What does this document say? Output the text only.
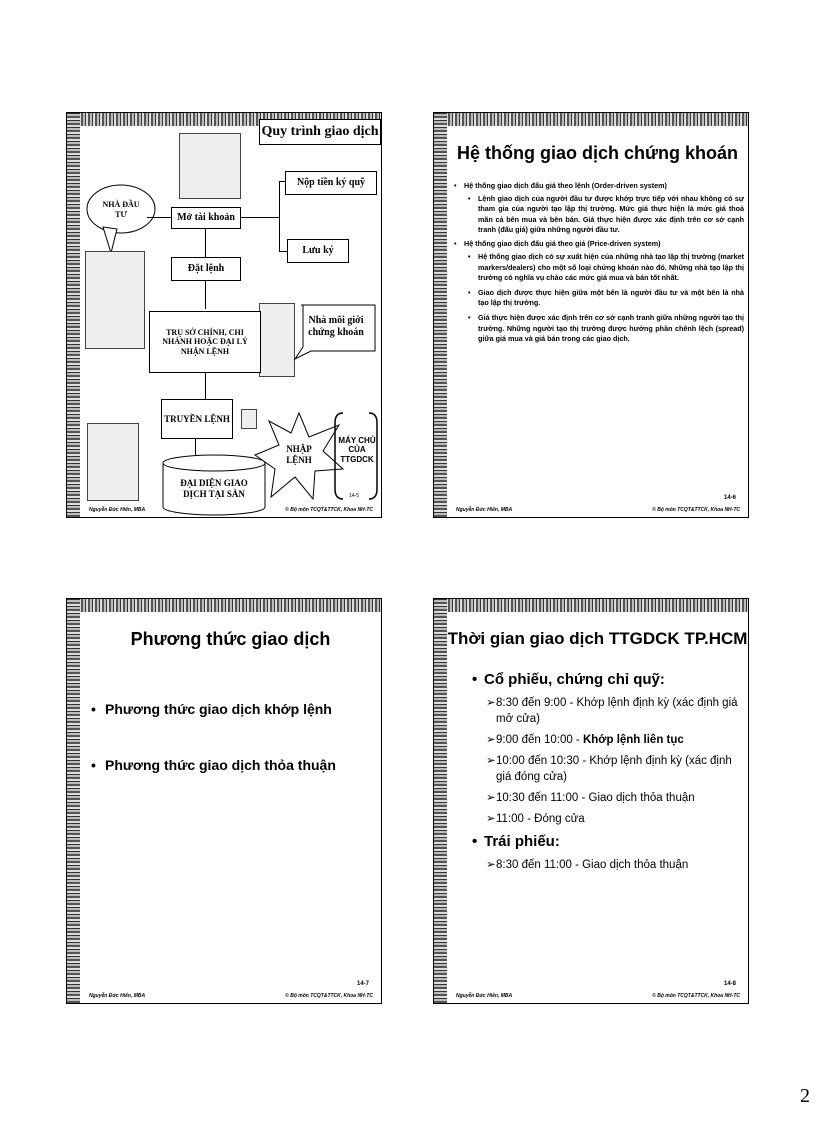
Quy trình giao dịch
NHÀ ĐẦU TƯ	Mở tài khoản
Nộp tiền ký quỹ
Lưu ký
Đặt lệnh
Nhà môi giới chứng khoán
TRỤ SỞ CHÍNH, CHI NHÁNH HOẶC ĐẠI LÝ NHẬN LỆNH
TRUYỀN LỆNH
ĐẠI DIỆN GIAO DỊCH TẠI SÀN
NHẬP LỆNH
MÁY CHỦ CỦA TTGDCK
14-5
Nguyễn Đức Hiển, MBA	© Bộ môn TCQT&TTCK, Khoa NH-TC
Hệ thống giao dịch chứng khoán
• Hệ thống giao dịch đấu giá theo lệnh (Order-driven system)
• Lệnh giao dịch của người đầu tư được khớp trực tiếp với nhau không có sự tham gia của người tạo lập thị trường. Mức giá thực hiện là mức giá thoả mãn cả bên mua và bên bán. Giá thực hiện được xác định trên cơ sở cạnh tranh (đấu giá) giữa những người đầu tư.
• Hệ thống giao dịch đấu giá theo giá (Price-driven system)
• Hệ thống giao dịch có sự xuất hiện của những nhà tạo lập thị trường (market markers/dealers) cho một số loại chứng khoán nào đó. Những nhà tạo lập thị trường có nghĩa vụ chào các mức giá mua và bán tốt nhất.
• Giao dịch được thực hiện giữa một bên là người đầu tư và một bên là nhà tạo lập thị trường.
• Giá thực hiện được xác định trên cơ sở cạnh tranh giữa những người tạo thị trường. Những người tạo thị trường được hưởng phần chênh lệch (spread) giữa giá mua và giá bán trong các giao dịch.
14-6
Nguyễn Đức Hiển, MBA	© Bộ môn TCQT&TTCK, Khoa NH-TC
Phương thức giao dịch
• Phương thức giao dịch khớp lệnh
• Phương thức giao dịch thỏa thuận
14-7
Nguyễn Đức Hiển, MBA	© Bộ môn TCQT&TTCK, Khoa NH-TC
Thời gian giao dịch TTGDCK TP.HCM
• Cổ phiếu, chứng chỉ quỹ:
➢ 8:30 đến 9:00 - Khớp lệnh định kỳ (xác định giá mở cửa)
➢ 9:00 đến 10:00 - Khớp lệnh liên tục
➢ 10:00 đến 10:30 - Khớp lệnh định kỳ (xác định giá đóng cửa)
➢ 10:30 đến 11:00 - Giao dịch thỏa thuận
➢ 11:00 - Đóng cửa
• Trái phiếu:
➢ 8:30 đến 11:00 - Giao dịch thỏa thuận
14-8
Nguyễn Đức Hiển, MBA	© Bộ môn TCQT&TTCK, Khoa NH-TC
2
